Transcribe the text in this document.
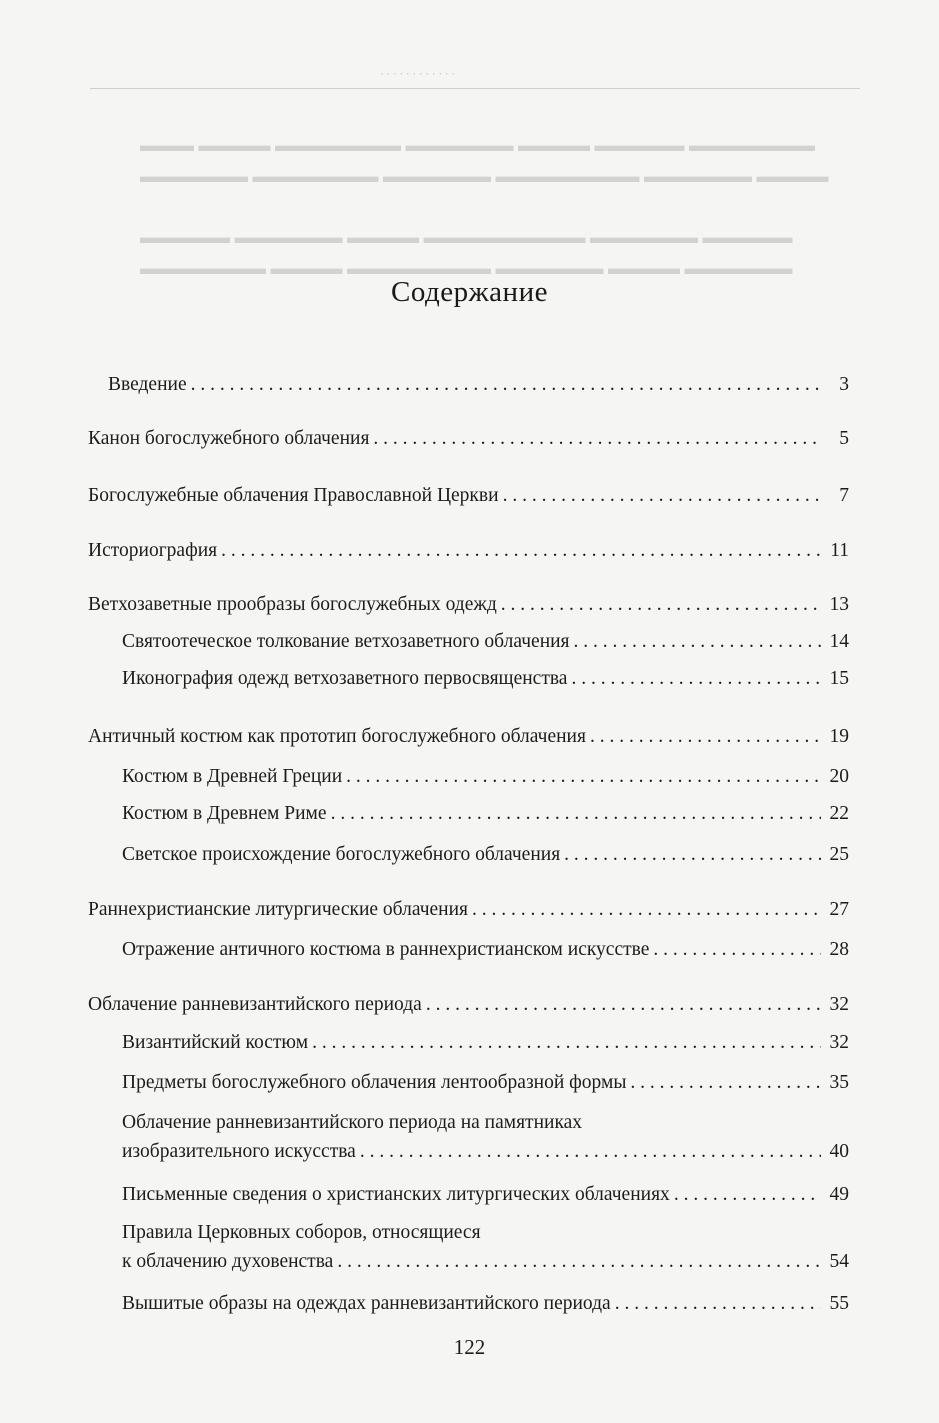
· · · · · · · · · · · ·
▬▬▬ ▬▬▬▬ ▬▬▬▬▬▬▬ ▬▬▬▬▬▬ ▬▬▬▬ ▬▬▬▬▬ ▬▬▬▬▬▬▬
▬▬▬▬▬▬ ▬▬▬▬▬▬▬ ▬▬▬▬▬▬ ▬▬▬▬▬▬▬▬ ▬▬▬▬▬▬ ▬▬▬▬
▬▬▬▬▬ ▬▬▬▬▬▬ ▬▬▬▬ ▬▬▬▬▬▬▬▬▬ ▬▬▬▬▬▬ ▬▬▬▬▬
▬▬▬▬▬▬▬ ▬▬▬▬ ▬▬▬▬▬▬▬▬ ▬▬▬▬▬▬ ▬▬▬▬ ▬▬▬▬▬▬
Содержание
Введение . . .	3
Канон богослужебного облачения . . .	5
Богослужебные облачения Православной Церкви . . .	7
Историография . . .	11
Ветхозаветные прообразы богослужебных одежд . . .	13
Святоотеческое толкование ветхозаветного облачения . . .	14
Иконография одежд ветхозаветного первосвященства . . .	15
Античный костюм как прототип богослужебного облачения . . .	19
Костюм в Древней Греции . . .	20
Костюм в Древнем Риме . . .	22
Светское происхождение богослужебного облачения . . .	25
Раннехристианские литургические облачения . . .	27
Отражение античного костюма в раннехристианском искусстве . . .	28
Облачение ранневизантийского периода . . .	32
Византийский костюм . . .	32
Предметы богослужебного облачения лентообразной формы . . .	35
Облачение ранневизантийского периода на памятниках
изобразительного искусства . . .	40
Письменные сведения о христианских литургических облачениях . . .	49
Правила Церковных соборов, относящиеся
к облачению духовенства . . .	54
Вышитые образы на одеждах ранневизантийского периода . . .	55
122
